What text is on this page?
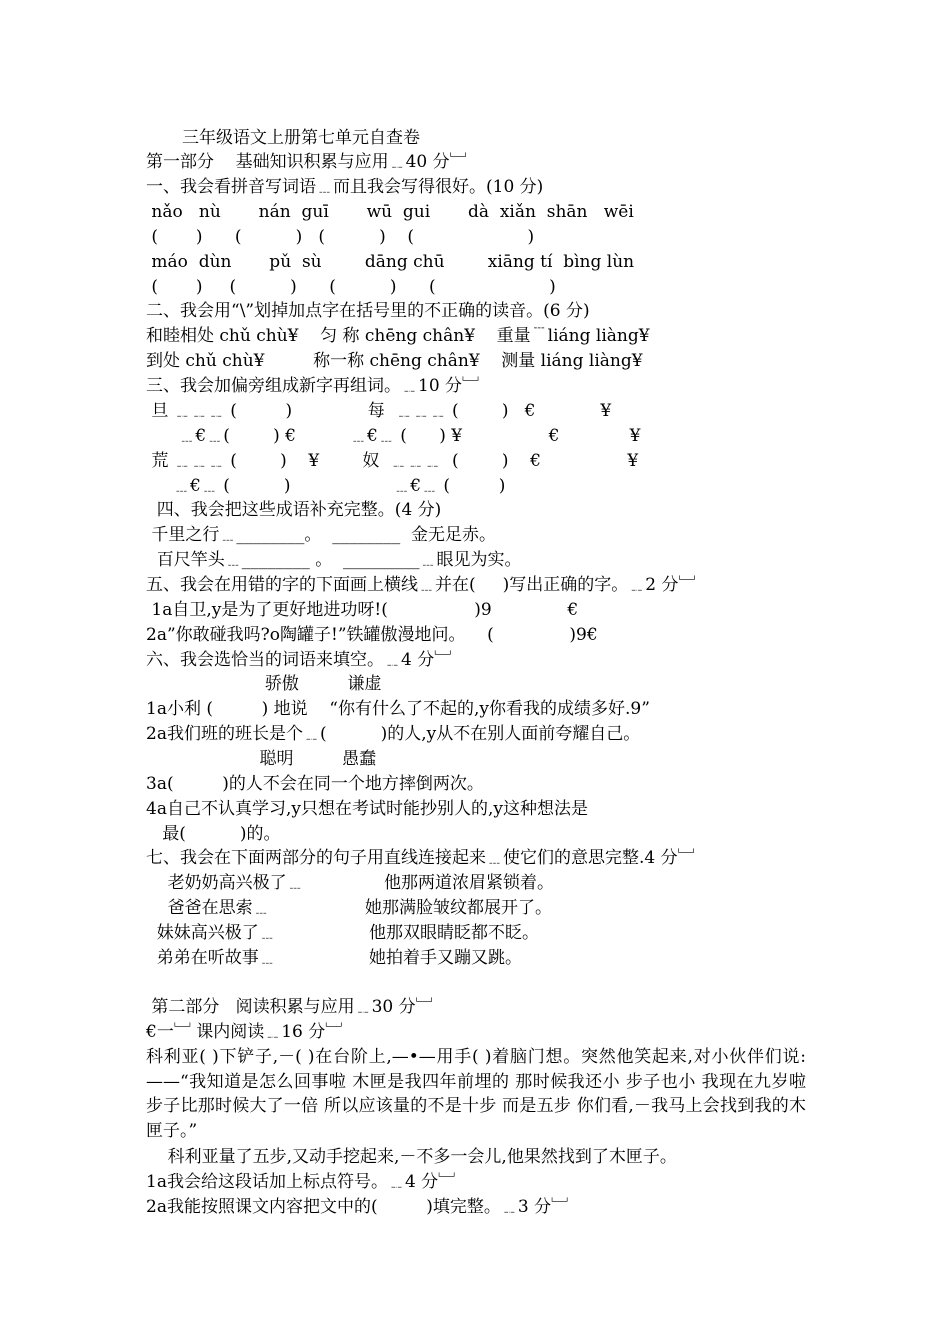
三年级语文上册第七单元自查卷
第一部分    基础知识积累与应用﹎40 分﹈
一、我会看拼音写词语﹍而且我会写得很好。(10 分)
nǎo   nù       nán  guī       wū  gui       dà  xiǎn  shān   wēi
(       )      (          )   (          )    (                     )
máo  dùn       pǔ  sù        dāng chū        xiāng tí  bìng lùn
(       )     (          )      (          )      (                     )
二、我会用“\”划掉加点字在括号里的不正确的读音。(6 分)
和睦相处 chǔ chù¥    匀 称 chēng chân¥    重量﹉liáng liàng¥
到处 chǔ chù¥         称一称 chēng chân¥    测量 liáng liàng¥
三、我会加偏旁组成新字再组词。﹎10 分﹈
旦 ﹎﹎﹎ (         )              每  ﹎﹎﹎ (        )   €            ¥
﹍€﹍(        ) €          ﹍€﹍ (      ) ¥                €             ¥
荒 ﹎﹎﹎ (        )    ¥        奴  ﹎﹎﹎  (        )    €                ¥
﹍€﹍ (          )                   ﹍€﹍ (         )
四、我会把这些成语补充完整。(4 分)
千里之行﹍________。  ________  金无足赤。
百尺竿头﹍________ 。  _________﹍眼见为实。
五、我会在用错的字的下面画上横线﹍并在(     )写出正确的字。﹎2 分﹈
1a自卫,y是为了更好地进功呀!(                )9              €
2a”你敢碰我吗?o陶罐子!”铁罐傲漫地问。    (              )9€
六、我会选恰当的词语来填空。﹎4 分﹈
骄傲         谦虚
1a小利 (         ) 地说    “你有什么了不起的,y你看我的成绩多好.9”
2a我们班的班长是个﹎(          )的人,y从不在别人面前夸耀自己。
聪明         愚蠢
3a(         )的人不会在同一个地方摔倒两次。
4a自己不认真学习,y只想在考试时能抄别人的,y这种想法是
最(          )的。
七、我会在下面两部分的句子用直线连接起来﹍使它们的意思完整.4 分﹈
老奶奶高兴极了﹍	他那两道浓眉紧锁着。
爸爸在思索﹍	她那满脸皱纹都展开了。
妹妹高兴极了﹍	他那双眼睛眨都不眨。
弟弟在听故事﹍	她拍着手又蹦又跳。
第二部分   阅读积累与应用﹎30 分﹈
€一﹈ 课内阅读﹎16 分﹈
科利亚( )下铲子,－( )在台阶上,—•—用手( )着脑门想。突然他笑起来,对小伙伴们说:——“我知道是怎么回事啦 木匣是我四年前埋的 那时候我还小 步子也小 我现在九岁啦 步子比那时候大了一倍 所以应该量的不是十步 而是五步 你们看,－我马上会找到我的木匣子。”
科利亚量了五步,又动手挖起来,－不多一会儿,他果然找到了木匣子。
1a我会给这段话加上标点符号。﹎4 分﹈
2a我能按照课文内容把文中的(         )填完整。﹎3 分﹈
